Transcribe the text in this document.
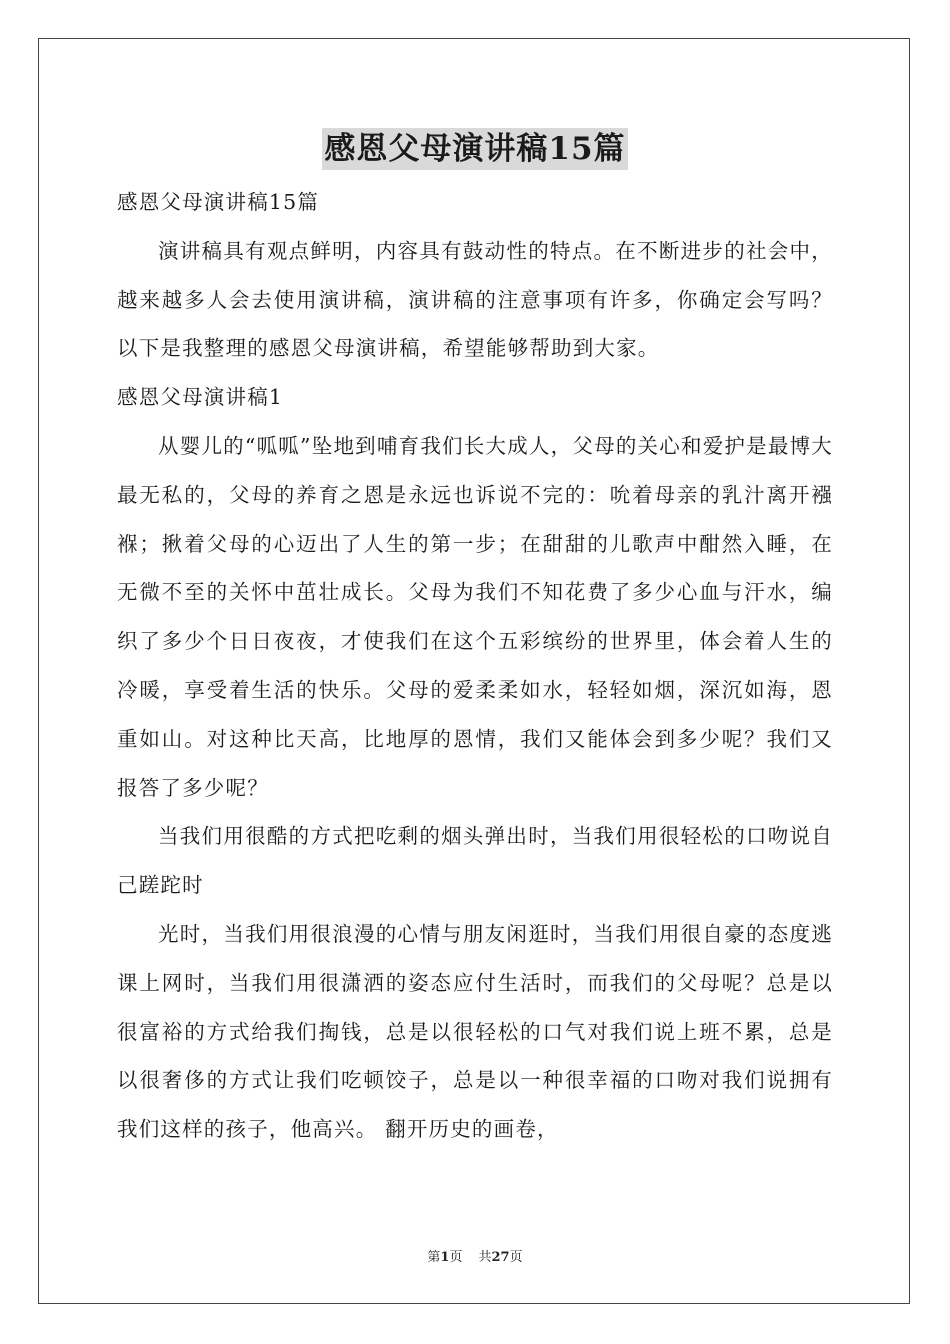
感恩父母演讲稿15篇

感恩父母演讲稿15篇

演讲稿具有观点鲜明，内容具有鼓动性的特点。在不断进步的社会中，越来越多人会去使用演讲稿，演讲稿的注意事项有许多，你确定会写吗？以下是我整理的感恩父母演讲稿，希望能够帮助到大家。

感恩父母演讲稿1

从婴儿的“呱呱”坠地到哺育我们长大成人，父母的关心和爱护是最博大最无私的，父母的养育之恩是永远也诉说不完的：吮着母亲的乳汁离开襁褓；揪着父母的心迈出了人生的第一步；在甜甜的儿歌声中酣然入睡，在无微不至的关怀中茁壮成长。父母为我们不知花费了多少心血与汗水，编织了多少个日日夜夜，才使我们在这个五彩缤纷的世界里，体会着人生的冷暖，享受着生活的快乐。父母的爱柔柔如水，轻轻如烟，深沉如海，恩重如山。对这种比天高，比地厚的恩情，我们又能体会到多少呢？我们又报答了多少呢？

当我们用很酷的方式把吃剩的烟头弹出时，当我们用很轻松的口吻说自己蹉跎时

光时，当我们用很浪漫的心情与朋友闲逛时，当我们用很自豪的态度逃课上网时，当我们用很潇洒的姿态应付生活时，而我们的父母呢？总是以很富裕的方式给我们掏钱，总是以很轻松的口气对我们说上班不累，总是以很奢侈的方式让我们吃顿饺子，总是以一种很幸福的口吻对我们说拥有我们这样的孩子，他高兴。 翻开历史的画卷，

第1页 共27页
